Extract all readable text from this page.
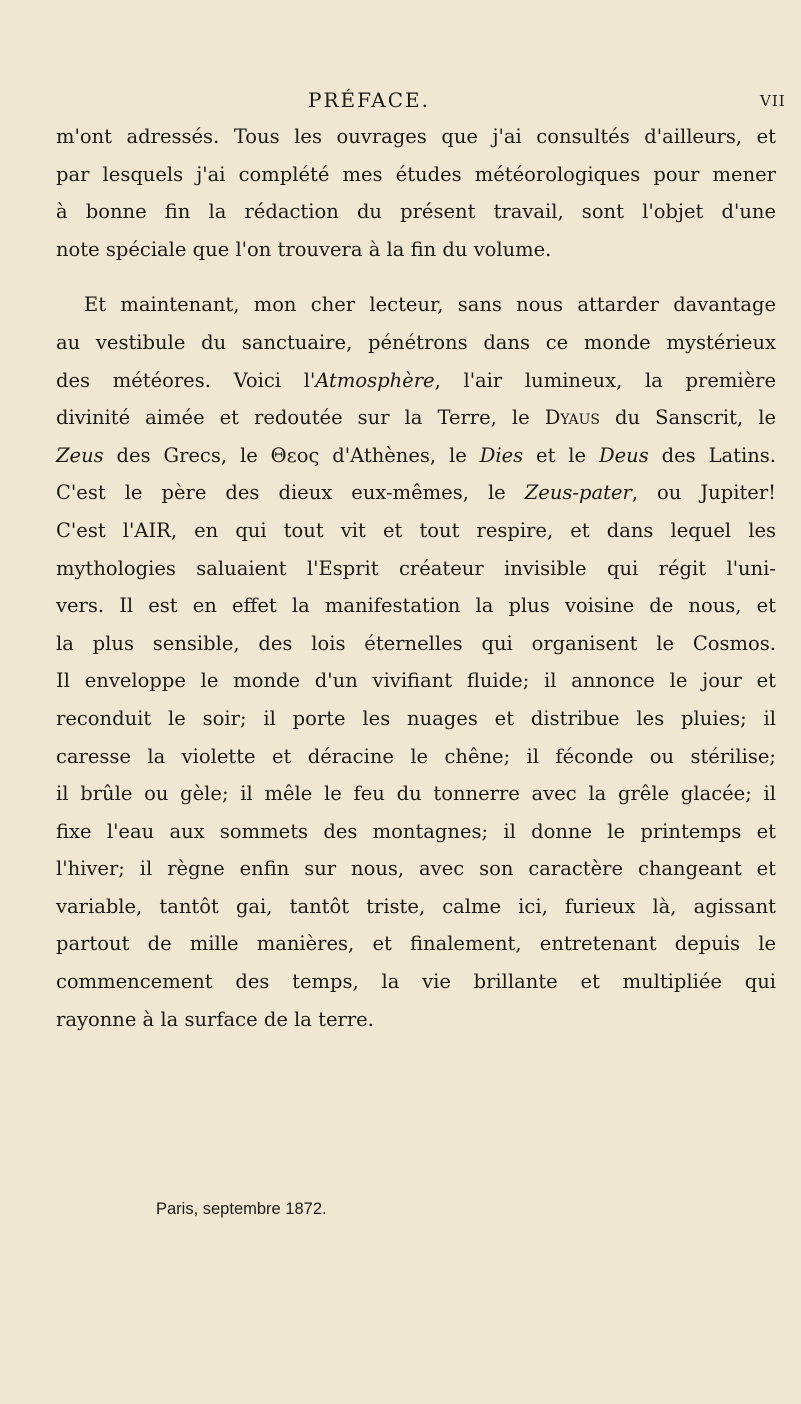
PRÉFACE.	VII

m'ont adressés. Tous les ouvrages que j'ai consultés d'ailleurs, et
par lesquels j'ai complété mes études météorologiques pour mener
à bonne fin la rédaction du présent travail, sont l'objet d'une
note spéciale que l'on trouvera à la fin du volume.

Et maintenant, mon cher lecteur, sans nous attarder davantage
au vestibule du sanctuaire, pénétrons dans ce monde mystérieux
des météores. Voici l'Atmosphère, l'air lumineux, la première
divinité aimée et redoutée sur la Terre, le Dyaus du Sanscrit, le
Zeus des Grecs, le Θεος d'Athènes, le Dies et le Deus des Latins.
C'est le père des dieux eux-mêmes, le Zeus-pater, ou Jupiter!
C'est l'AIR, en qui tout vit et tout respire, et dans lequel les
mythologies saluaient l'Esprit créateur invisible qui régit l'uni-
vers. Il est en effet la manifestation la plus voisine de nous, et
la plus sensible, des lois éternelles qui organisent le Cosmos.
Il enveloppe le monde d'un vivifiant fluide; il annonce le jour et
reconduit le soir; il porte les nuages et distribue les pluies; il
caresse la violette et déracine le chêne; il féconde ou stérilise;
il brûle ou gèle; il mêle le feu du tonnerre avec la grêle glacée; il
fixe l'eau aux sommets des montagnes; il donne le printemps et
l'hiver; il règne enfin sur nous, avec son caractère changeant et
variable, tantôt gai, tantôt triste, calme ici, furieux là, agissant
partout de mille manières, et finalement, entretenant depuis le
commencement des temps, la vie brillante et multipliée qui
rayonne à la surface de la terre.

Paris, septembre 1872.
